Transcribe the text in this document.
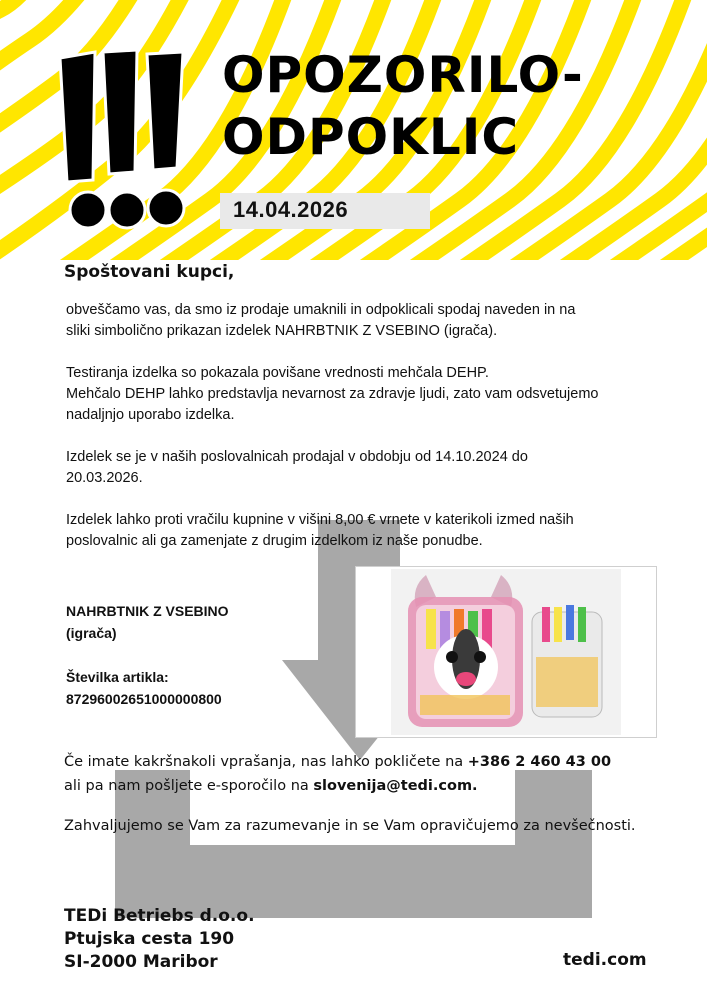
OPOZORILO-
ODPOKLIC
14.04.2026
Spoštovani kupci,
obveščamo vas, da smo iz prodaje umaknili in odpoklicali spodaj naveden in na
sliki simbolično prikazan izdelek NAHRBTNIK Z VSEBINO (igrača).
Testiranja izdelka so pokazala povišane vrednosti mehčala DEHP.
Mehčalo DEHP lahko predstavlja nevarnost za zdravje ljudi, zato vam odsvetujemo
nadaljnjo uporabo izdelka.
Izdelek se je v naših poslovalnicah prodajal v obdobju od 14.10.2024 do
20.03.2026.
Izdelek lahko proti vračilu kupnine v višini 8,00 € vrnete v katerikoli izmed naših
poslovalnic ali ga zamenjate z drugim izdelkom iz naše ponudbe.
NAHRBTNIK Z VSEBINO
(igrača)
Številka artikla:
87296002651000000800
Če imate kakršnakoli vprašanja, nas lahko pokličete na +386 2 460 43 00
ali pa nam pošljete e-sporočilo na slovenija@tedi.com.
Zahvaljujemo se Vam za razumevanje in se Vam opravičujemo za nevšečnosti.
TEDi Betriebs d.o.o.
Ptujska cesta 190
SI-2000 Maribor	tedi.com
